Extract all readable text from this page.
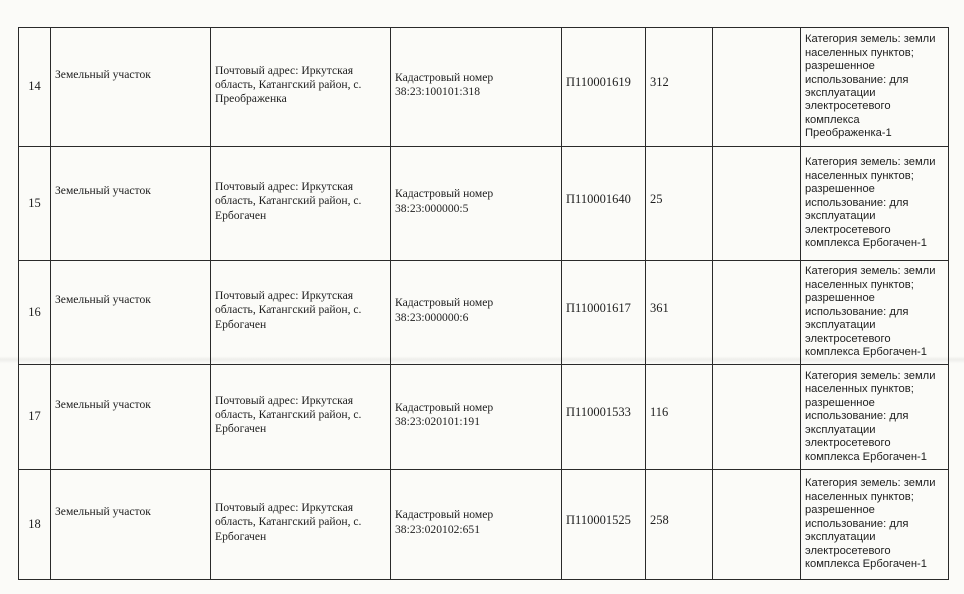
14	Земельный участок	Почтовый адрес: Иркутская область, Катангский район, с. Преображенка	Кадастровый номер 38:23:100101:318	П110001619	312		Категория земель: земли населенных пунктов; разрешенное использование: для эксплуатации электросетевого комплекса Преображенка-1
15	Земельный участок	Почтовый адрес: Иркутская область, Катангский район, с. Ербогачен	Кадастровый номер 38:23:000000:5	П110001640	25		Категория земель: земли населенных пунктов; разрешенное использование: для эксплуатации электросетевого комплекса Ербогачен-1
16	Земельный участок	Почтовый адрес: Иркутская область, Катангский район, с. Ербогачен	Кадастровый номер 38:23:000000:6	П110001617	361		Категория земель: земли населенных пунктов; разрешенное использование: для эксплуатации электросетевого комплекса Ербогачен-1
17	Земельный участок	Почтовый адрес: Иркутская область, Катангский район, с. Ербогачен	Кадастровый номер 38:23:020101:191	П110001533	116		Категория земель: земли населенных пунктов; разрешенное использование: для эксплуатации электросетевого комплекса Ербогачен-1
18	Земельный участок	Почтовый адрес: Иркутская область, Катангский район, с. Ербогачен	Кадастровый номер 38:23:020102:651	П110001525	258		Категория земель: земли населенных пунктов; разрешенное использование: для эксплуатации электросетевого комплекса Ербогачен-1
